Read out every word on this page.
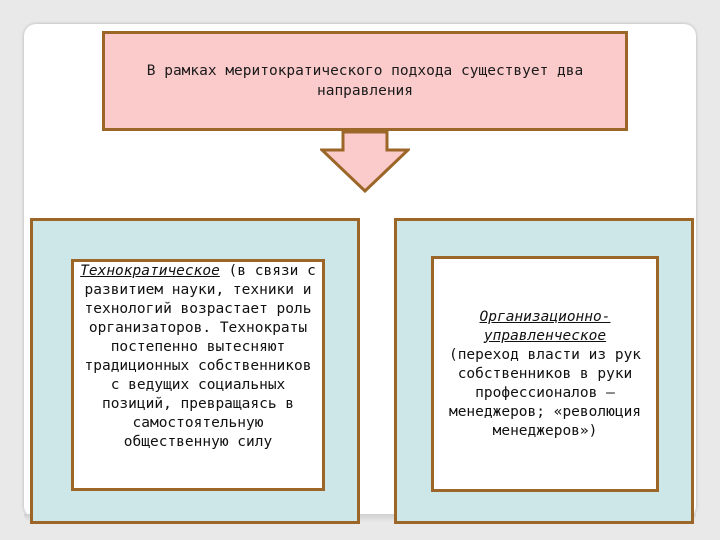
В рамках меритократического подхода существует два направления
Технократическое (в связи с развитием науки, техники и технологий возрастает роль организаторов. Технократы постепенно вытесняют традиционных собственников с ведущих социальных позиций, превращаясь в самостоятельную общественную силу
Организационно-управленческое
(переход власти из рук собственников в руки профессионалов – менеджеров; «революция менеджеров»)
